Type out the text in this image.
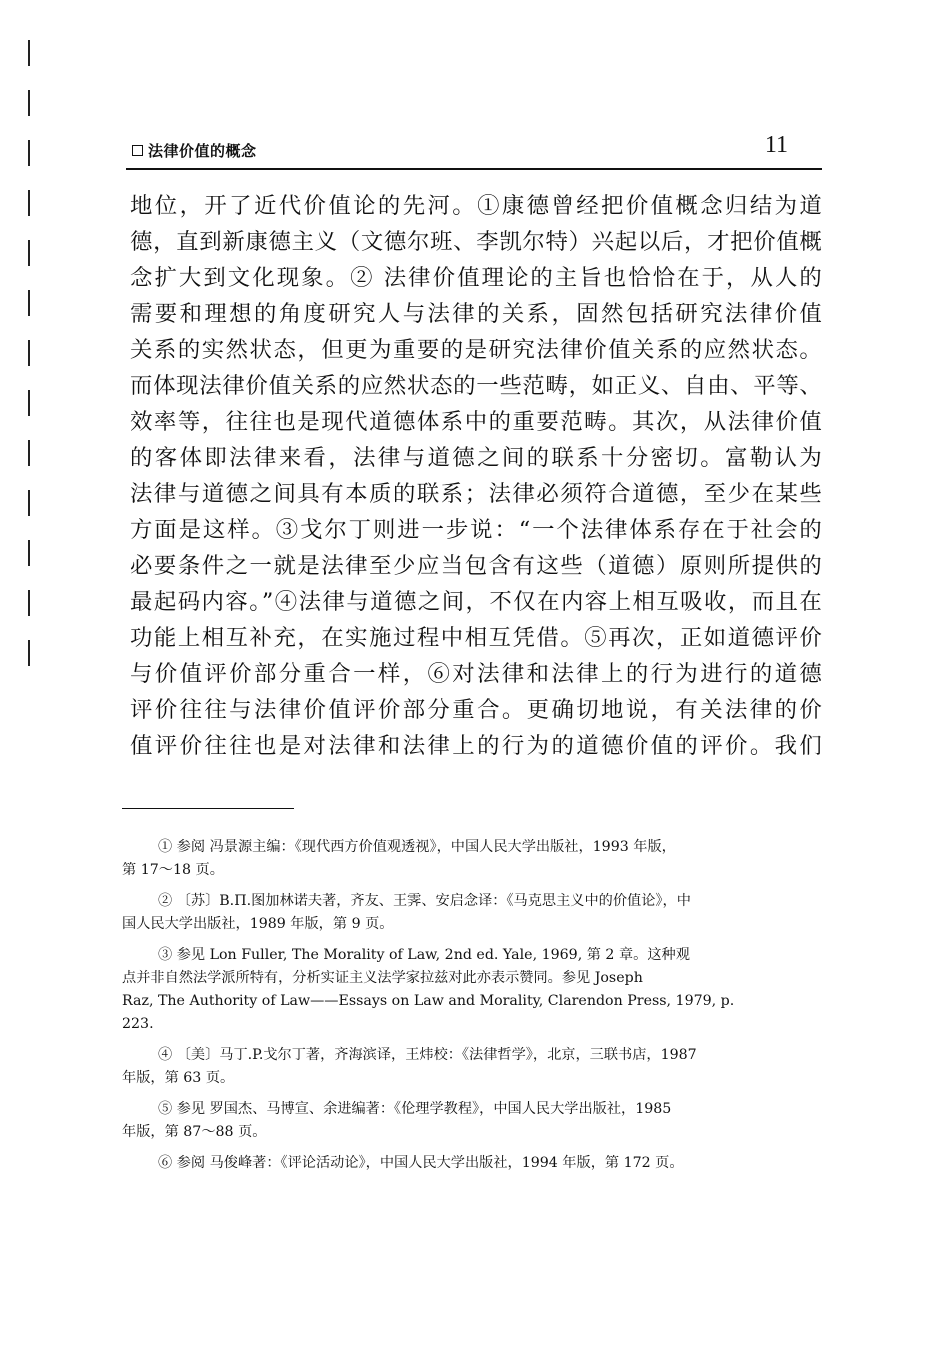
法律价值的概念	11
地位，开了近代价值论的先河。①康德曾经把价值概念归结为道
德，直到新康德主义（文德尔班、李凯尔特）兴起以后，才把价值概
念扩大到文化现象。② 法律价值理论的主旨也恰恰在于，从人的
需要和理想的角度研究人与法律的关系，固然包括研究法律价值
关系的实然状态，但更为重要的是研究法律价值关系的应然状态。
而体现法律价值关系的应然状态的一些范畴，如正义、自由、平等、
效率等，往往也是现代道德体系中的重要范畴。其次，从法律价值
的客体即法律来看，法律与道德之间的联系十分密切。富勒认为
法律与道德之间具有本质的联系；法律必须符合道德，至少在某些
方面是这样。③戈尔丁则进一步说：“一个法律体系存在于社会的
必要条件之一就是法律至少应当包含有这些（道德）原则所提供的
最起码内容。”④法律与道德之间，不仅在内容上相互吸收，而且在
功能上相互补充，在实施过程中相互凭借。⑤再次，正如道德评价
与价值评价部分重合一样，⑥对法律和法律上的行为进行的道德
评价往往与法律价值评价部分重合。更确切地说，有关法律的价
值评价往往也是对法律和法律上的行为的道德价值的评价。我们
① 参阅 冯景源主编：《现代西方价值观透视》，中国人民大学出版社，1993 年版，
第 17～18 页。
② 〔苏〕B.Π.图加林诺夫著，齐友、王霁、安启念译：《马克思主义中的价值论》，中
国人民大学出版社，1989 年版，第 9 页。
③ 参见 Lon Fuller, The Morality of Law, 2nd ed. Yale, 1969, 第 2 章。这种观
点并非自然法学派所特有，分析实证主义法学家拉兹对此亦表示赞同。参见 Joseph
Raz, The Authority of Law——Essays on Law and Morality, Clarendon Press, 1979, p.
223.
④ 〔美〕马丁.P.戈尔丁著，齐海滨译，王炜校：《法律哲学》，北京，三联书店，1987
年版，第 63 页。
⑤ 参见 罗国杰、马博宣、余进编著：《伦理学教程》，中国人民大学出版社，1985
年版，第 87～88 页。
⑥ 参阅 马俊峰著：《评论活动论》，中国人民大学出版社，1994 年版，第 172 页。
